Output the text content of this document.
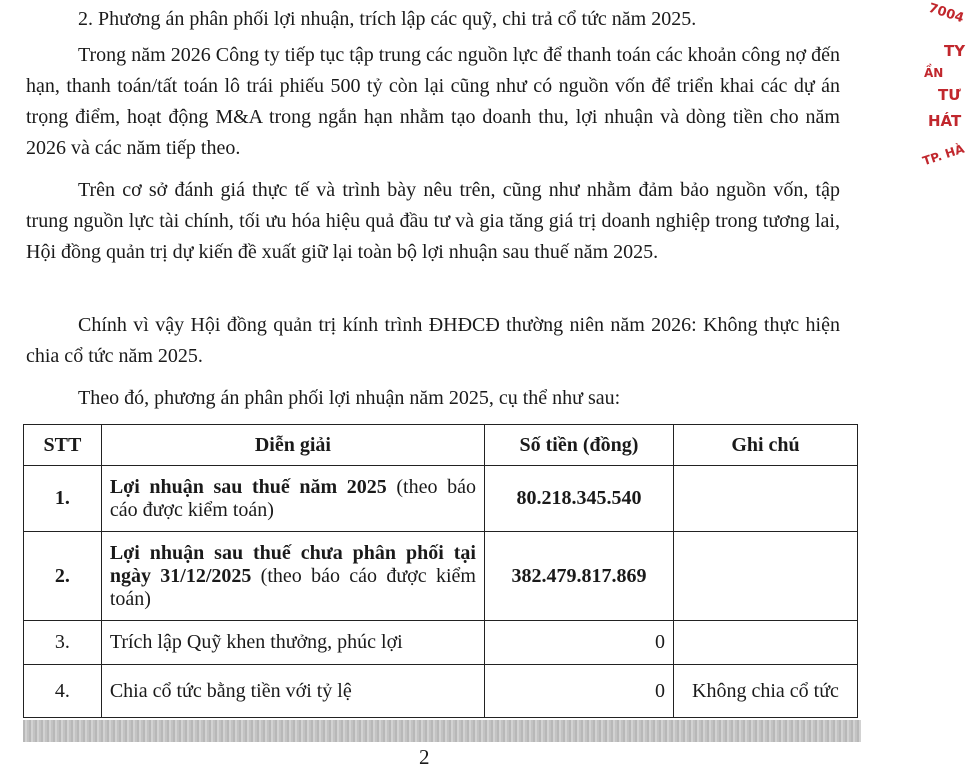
2. Phương án phân phối lợi nhuận, trích lập các quỹ, chi trả cổ tức năm 2025.

Trong năm 2026 Công ty tiếp tục tập trung các nguồn lực để thanh toán các khoản công nợ đến hạn, thanh toán/tất toán lô trái phiếu 500 tỷ còn lại cũng như có nguồn vốn để triển khai các dự án trọng điểm, hoạt động M&A trong ngắn hạn nhằm tạo doanh thu, lợi nhuận và dòng tiền cho năm 2026 và các năm tiếp theo.

Trên cơ sở đánh giá thực tế và trình bày nêu trên, cũng như nhằm đảm bảo nguồn vốn, tập trung nguồn lực tài chính, tối ưu hóa hiệu quả đầu tư và gia tăng giá trị doanh nghiệp trong tương lai, Hội đồng quản trị dự kiến đề xuất giữ lại toàn bộ lợi nhuận sau thuế năm 2025.

Chính vì vậy Hội đồng quản trị kính trình ĐHĐCĐ thường niên năm 2026: Không thực hiện chia cổ tức năm 2025.

Theo đó, phương án phân phối lợi nhuận năm 2025, cụ thể như sau:

STT	Diễn giải	Số tiền (đồng)	Ghi chú
1.	Lợi nhuận sau thuế năm 2025 (theo báo cáo được kiểm toán)	80.218.345.540	
2.	Lợi nhuận sau thuế chưa phân phối tại ngày 31/12/2025 (theo báo cáo được kiểm toán)	382.479.817.869	
3.	Trích lập Quỹ khen thưởng, phúc lợi	0	
4.	Chia cổ tức bằng tiền với tỷ lệ	0	Không chia cổ tức
2
7004
TY
ẦN
TƯ
HÁT
TP. HÀ
